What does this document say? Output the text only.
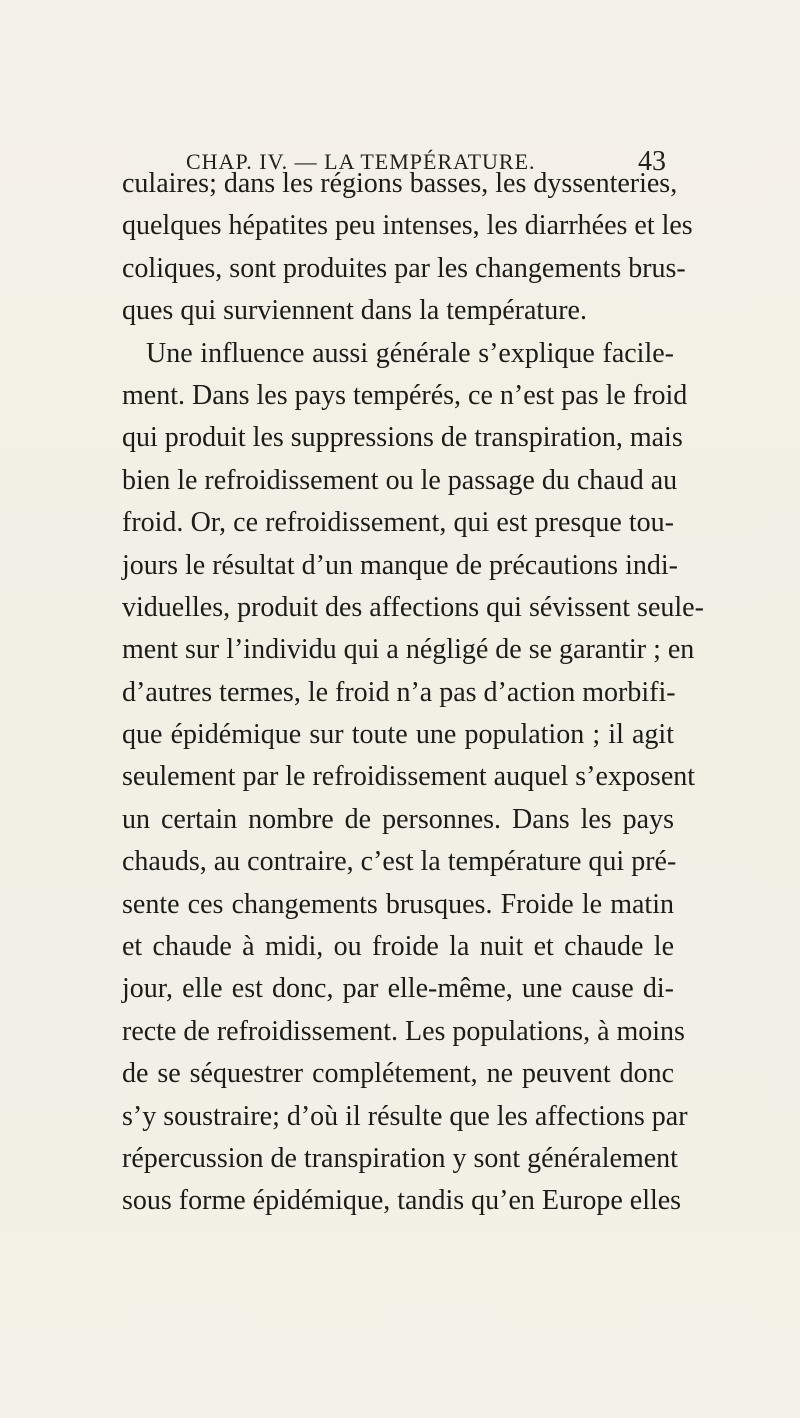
CHAP. IV. — LA TEMPÉRATURE.	43
culaires; dans les régions basses, les dyssenteries,
quelques hépatites peu intenses, les diarrhées et les
coliques, sont produites par les changements brus-
ques qui surviennent dans la température.
Une influence aussi générale s’explique facile-
ment. Dans les pays tempérés, ce n’est pas le froid
qui produit les suppressions de transpiration, mais
bien le refroidissement ou le passage du chaud au
froid. Or, ce refroidissement, qui est presque tou-
jours le résultat d’un manque de précautions indi-
viduelles, produit des affections qui sévissent seule-
ment sur l’individu qui a négligé de se garantir ; en
d’autres termes, le froid n’a pas d’action morbifi-
que épidémique sur toute une population ; il agit
seulement par le refroidissement auquel s’exposent
un certain nombre de personnes. Dans les pays
chauds, au contraire, c’est la température qui pré-
sente ces changements brusques. Froide le matin
et chaude à midi, ou froide la nuit et chaude le
jour, elle est donc, par elle-même, une cause di-
recte de refroidissement. Les populations, à moins
de se séquestrer complétement, ne peuvent donc
s’y soustraire; d’où il résulte que les affections par
répercussion de transpiration y sont généralement
sous forme épidémique, tandis qu’en Europe elles
